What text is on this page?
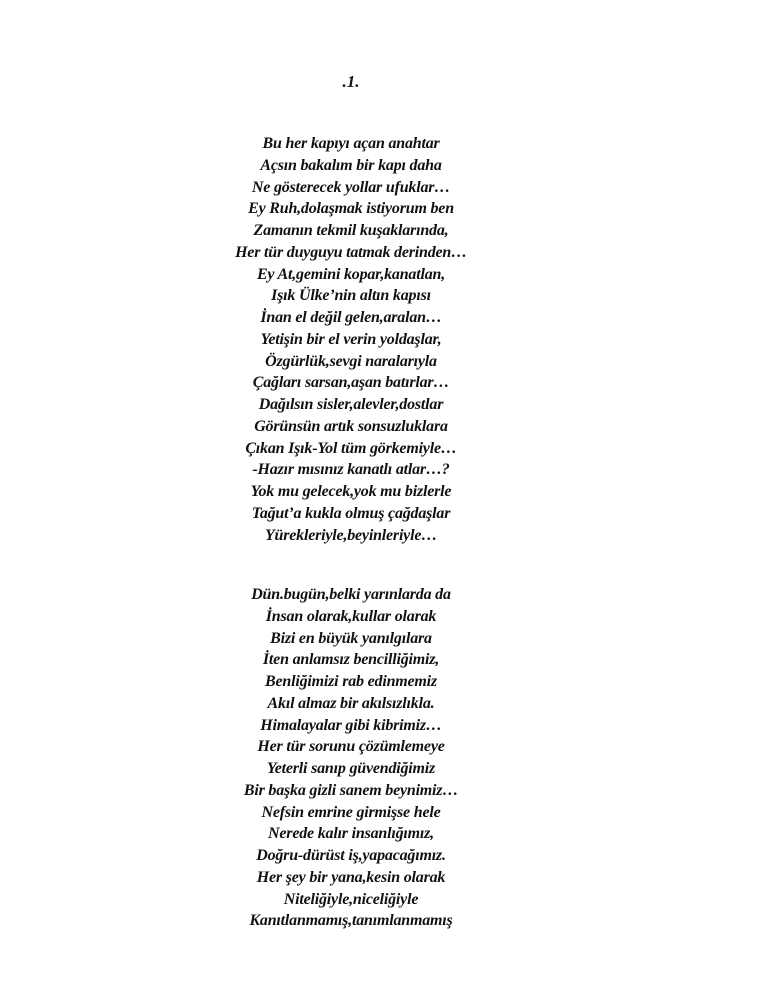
.1.
Bu her kapıyı açan anahtar
Açsın bakalım bir kapı daha
Ne gösterecek yollar ufuklar…
Ey Ruh,dolaşmak istiyorum ben
Zamanın tekmil kuşaklarında,
Her tür duyguyu tatmak derinden…
Ey At,gemini kopar,kanatlan,
Işık Ülke’nin altın kapısı
İnan el değil gelen,aralan…
Yetişin bir el verin yoldaşlar,
Özgürlük,sevgi naralarıyla
Çağları sarsan,aşan batırlar…
Dağılsın sisler,alevler,dostlar
Görünsün artık sonsuzluklara
Çıkan Işık-Yol tüm görkemiyle…
-Hazır mısınız kanatlı atlar…?
Yok mu gelecek,yok mu bizlerle
Tağut’a kukla olmuş çağdaşlar
Yürekleriyle,beyinleriyle…
Dün.bugün,belki yarınlarda da
İnsan olarak,kullar olarak
Bizi en büyük yanılgılara
İten anlamsız bencilliğimiz,
Benliğimizi rab edinmemiz
Akıl almaz bir akılsızlıkla.
Himalayalar gibi kibrimiz…
Her tür sorunu çözümlemeye
Yeterli sanıp güvendiğimiz
Bir başka gizli sanem beynimiz…
Nefsin emrine girmişse hele
Nerede kalır insanlığımız,
Doğru-dürüst iş,yapacağımız.
Her şey bir yana,kesin olarak
Niteliğiyle,niceliğiyle
Kanıtlanmamış,tanımlanmamış
